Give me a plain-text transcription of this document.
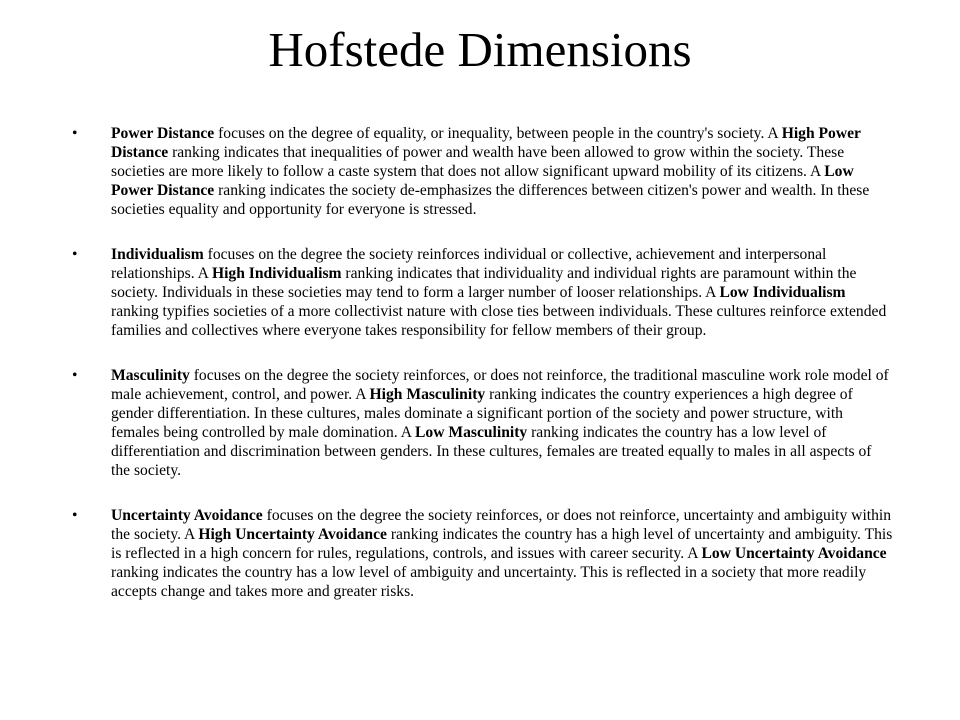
Hofstede Dimensions
•	Power Distance focuses on the degree of equality, or inequality, between people in the country's society. A High Power Distance ranking indicates that inequalities of power and wealth have been allowed to grow within the society. These societies are more likely to follow a caste system that does not allow significant upward mobility of its citizens. A Low Power Distance ranking indicates the society de-emphasizes the differences between citizen's power and wealth. In these societies equality and opportunity for everyone is stressed.
•	Individualism focuses on the degree the society reinforces individual or collective, achievement and interpersonal relationships. A High Individualism ranking indicates that individuality and individual rights are paramount within the society. Individuals in these societies may tend to form a larger number of looser relationships. A Low Individualism ranking typifies societies of a more collectivist nature with close ties between individuals. These cultures reinforce extended families and collectives where everyone takes responsibility for fellow members of their group.
•	Masculinity focuses on the degree the society reinforces, or does not reinforce, the traditional masculine work role model of male achievement, control, and power. A High Masculinity ranking indicates the country experiences a high degree of gender differentiation. In these cultures, males dominate a significant portion of the society and power structure, with females being controlled by male domination. A Low Masculinity ranking indicates the country has a low level of differentiation and discrimination between genders. In these cultures, females are treated equally to males in all aspects of the society.
•	Uncertainty Avoidance focuses on the degree the society reinforces, or does not reinforce, uncertainty and ambiguity within the society. A High Uncertainty Avoidance ranking indicates the country has a high level of uncertainty and ambiguity. This is reflected in a high concern for rules, regulations, controls, and issues with career security. A Low Uncertainty Avoidance ranking indicates the country has a low level of ambiguity and uncertainty. This is reflected in a society that more readily accepts change and takes more and greater risks.
